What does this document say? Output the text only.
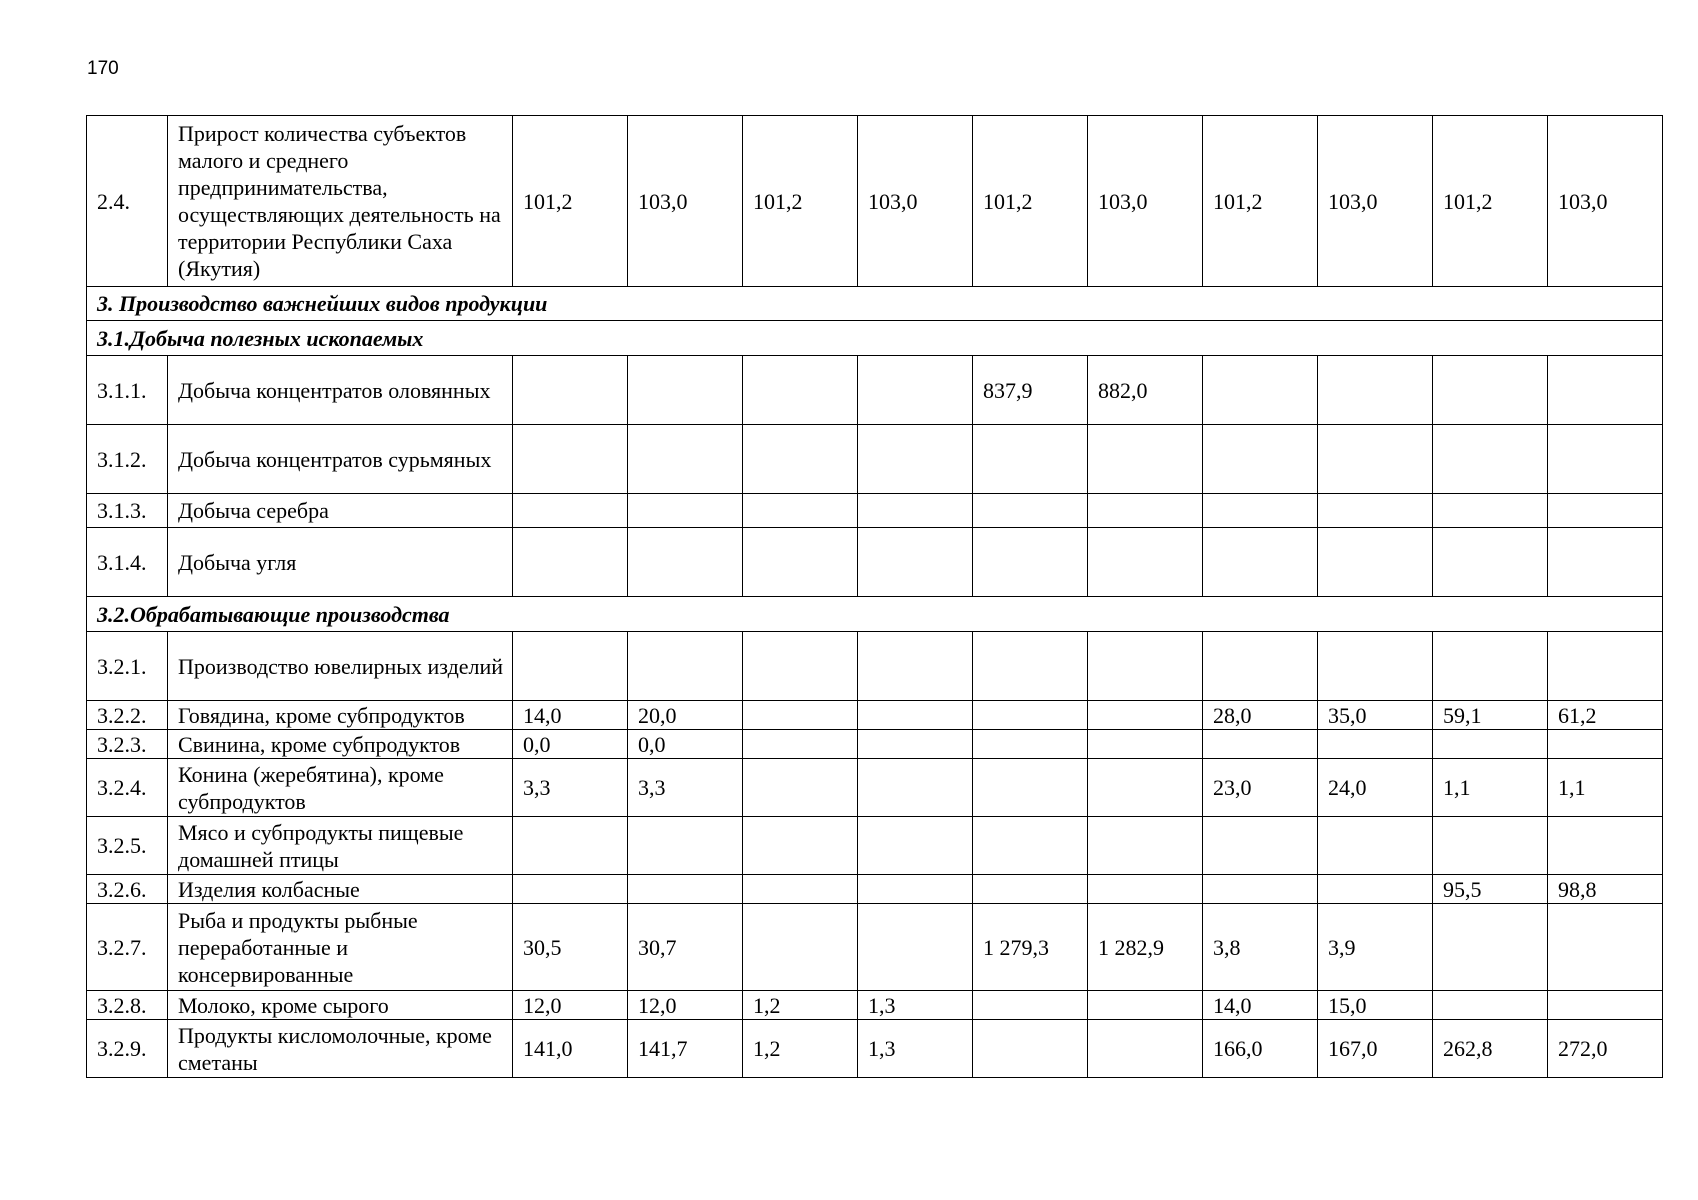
170
2.4.	Прирост количества субъектов малого и среднего предпринимательства, осуществляющих деятельность на территории Республики Саха (Якутия)	101,2	103,0	101,2	103,0	101,2	103,0	101,2	103,0	101,2	103,0
3. Производство важнейших видов продукции											
3.1.Добыча полезных ископаемых											
3.1.1.	Добыча концентратов оловянных					837,9	882,0				
3.1.2.	Добыча концентратов сурьмяных										
3.1.3.	Добыча серебра										
3.1.4.	Добыча угля										
3.2.Обрабатывающие производства											
3.2.1.	Производство ювелирных изделий										
3.2.2.	Говядина, кроме субпродуктов	14,0	20,0					28,0	35,0	59,1	61,2
3.2.3.	Свинина, кроме субпродуктов	0,0	0,0								
3.2.4.	Конина (жеребятина), кроме субпродуктов	3,3	3,3					23,0	24,0	1,1	1,1
3.2.5.	Мясо и субпродукты пищевые домашней птицы										
3.2.6.	Изделия колбасные									95,5	98,8
3.2.7.	Рыба и продукты рыбные переработанные и консервированные	30,5	30,7			1 279,3	1 282,9	3,8	3,9		
3.2.8.	Молоко, кроме сырого	12,0	12,0	1,2	1,3			14,0	15,0		
3.2.9.	Продукты кисломолочные, кроме сметаны	141,0	141,7	1,2	1,3			166,0	167,0	262,8	272,0
